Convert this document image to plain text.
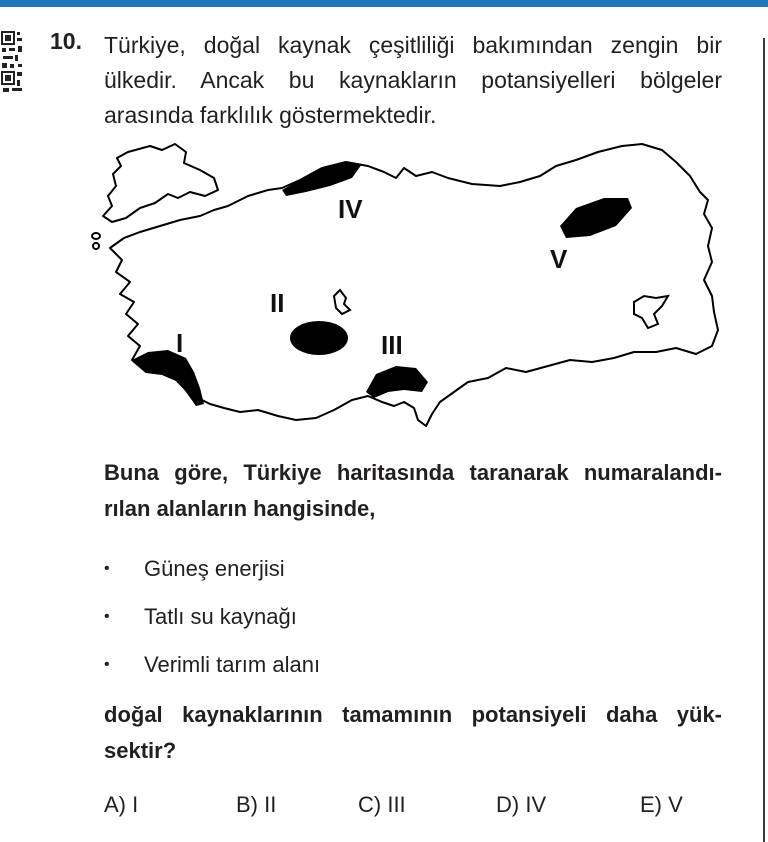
10. Türkiye, doğal kaynak çeşitliliği bakımından zengin bir
ülkedir. Ancak bu kaynakların potansiyelleri bölgeler
arasında farklılık göstermektedir.
I
II
III
IV
V
Buna göre, Türkiye haritasında taranarak numaralandı-
rılan alanların hangisinde,
•	Güneş enerjisi
•	Tatlı su kaynağı
•	Verimli tarım alanı
doğal kaynaklarının tamamının potansiyeli daha yük-
sektir?
A) I	B) II	C) III	D) IV	E) V
